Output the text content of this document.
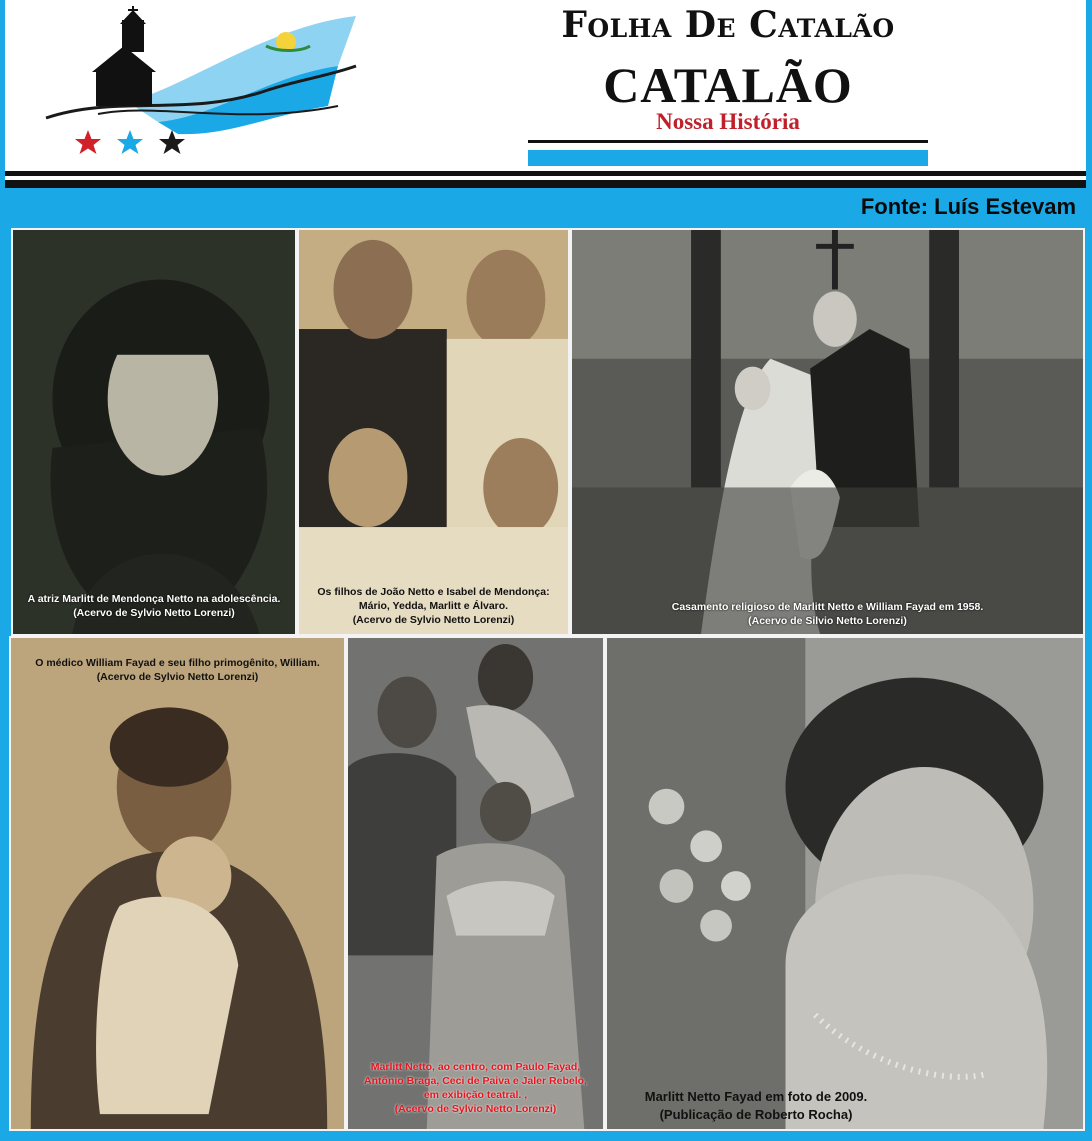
Folha De Catalão
CATALÃO
Nossa História
Fonte: Luís Estevam
A atriz Marlitt de Mendonça Netto na adolescência.
(Acervo de Sylvio Netto Lorenzi)
Os filhos de João Netto e Isabel de Mendonça:
Mário, Yedda, Marlitt e Álvaro.
(Acervo de Sylvio Netto Lorenzi)
Casamento religioso de Marlitt Netto e William Fayad em 1958.
(Acervo de Silvio Netto Lorenzi)
O médico William Fayad e seu filho primogênito, William.
(Acervo de Sylvio Netto Lorenzi)
Marlitt Netto, ao centro, com Paulo Fayad,
Antônio Braga, Ceci de Paiva e Jaler Rebelo,
em exibição teatral. ,
(Acervo de Sylvio Netto Lorenzi)
Marlitt Netto Fayad em foto de 2009.
(Publicação de Roberto Rocha)
